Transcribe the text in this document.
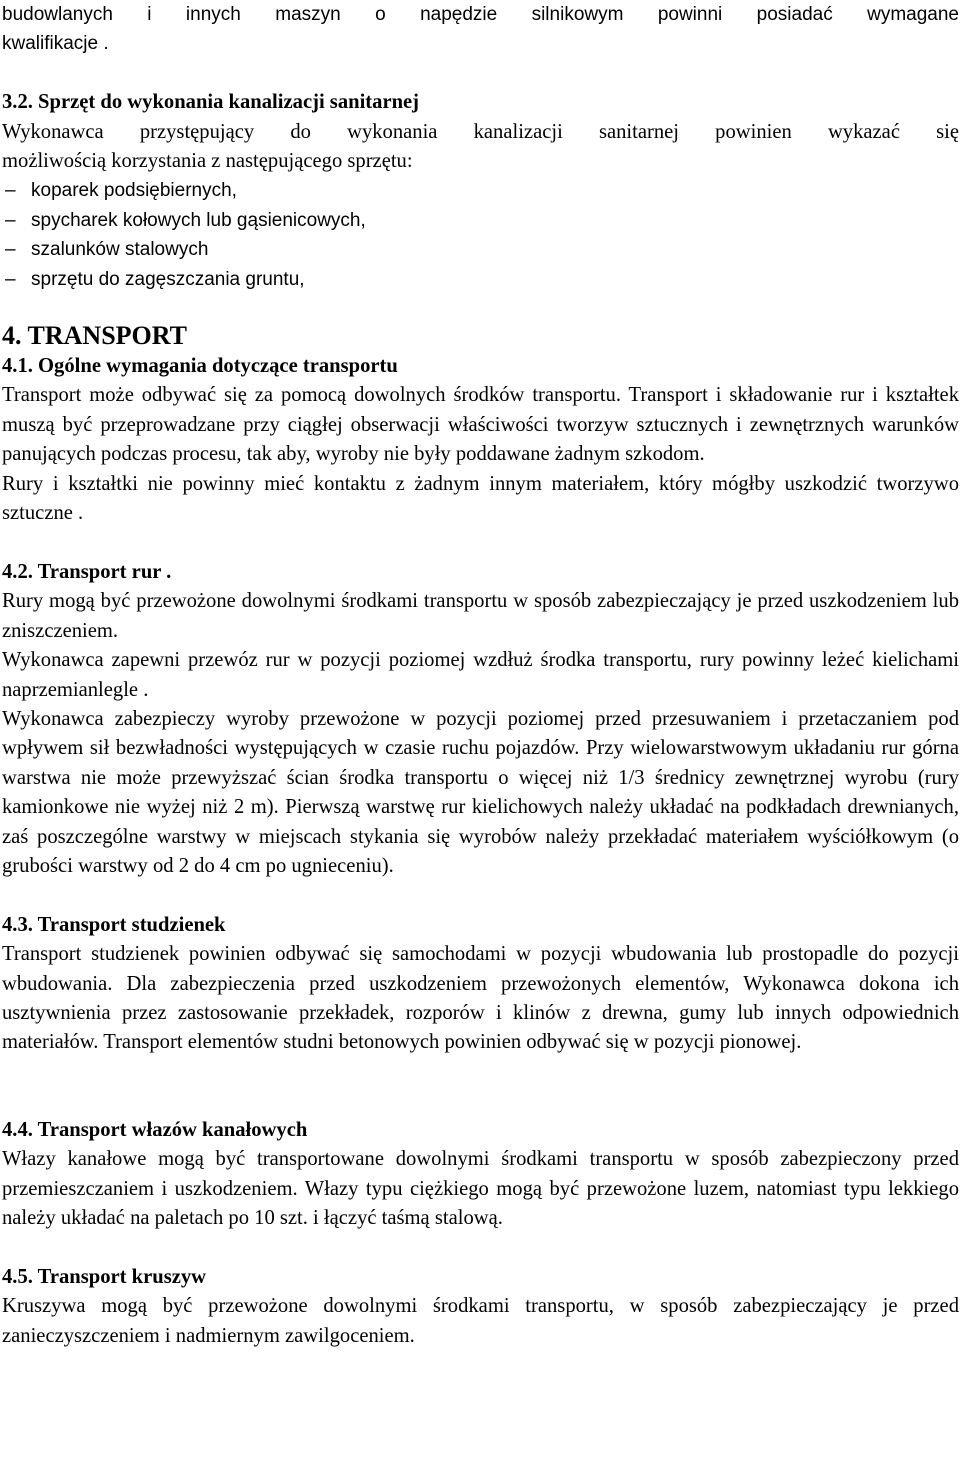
budowlanych i innych maszyn o napędzie silnikowym powinni posiadać wymagane

kwalifikacje .

3.2. Sprzęt do wykonania kanalizacji sanitarnej

Wykonawca przystępujący do wykonania kanalizacji sanitarnej powinien wykazać się

możliwością korzystania z następującego sprzętu:

– koparek podsiębiernych,
– spycharek kołowych lub gąsienicowych,
– szalunków stalowych
– sprzętu do zagęszczania gruntu,

4. TRANSPORT

4.1. Ogólne wymagania dotyczące transportu

Transport może odbywać się za pomocą dowolnych środków transportu. Transport i składowanie rur i kształtek muszą być przeprowadzane przy ciągłej obserwacji właściwości tworzyw sztucznych i zewnętrznych warunków panujących podczas procesu, tak aby, wyroby nie były poddawane żadnym szkodom.

Rury i kształtki nie powinny mieć kontaktu z żadnym innym materiałem, który mógłby uszkodzić tworzywo sztuczne .

4.2. Transport rur .

Rury mogą być przewożone dowolnymi środkami transportu w sposób zabezpieczający je przed uszkodzeniem lub zniszczeniem.

Wykonawca zapewni przewóz rur w pozycji poziomej wzdłuż środka transportu, rury powinny leżeć kielichami naprzemianlegle .

Wykonawca zabezpieczy wyroby przewożone w pozycji poziomej przed przesuwaniem i przetaczaniem pod wpływem sił bezwładności występujących w czasie ruchu pojazdów. Przy wielowarstwowym układaniu rur górna warstwa nie może przewyższać ścian środka transportu o więcej niż 1/3 średnicy zewnętrznej wyrobu (rury kamionkowe nie wyżej niż 2 m). Pierwszą warstwę rur kielichowych należy układać na podkładach drewnianych, zaś poszczególne warstwy w miejscach stykania się wyrobów należy przekładać materiałem wyściółkowym (o grubości warstwy od 2 do 4 cm po ugnieceniu).

4.3. Transport studzienek

Transport studzienek powinien odbywać się samochodami w pozycji wbudowania lub prostopadle do pozycji wbudowania. Dla zabezpieczenia przed uszkodzeniem przewożonych elementów, Wykonawca dokona ich usztywnienia przez zastosowanie przekładek, rozporów i klinów z drewna, gumy lub innych odpowiednich materiałów. Transport elementów studni betonowych powinien odbywać się w pozycji pionowej.

4.4. Transport włazów kanałowych

Włazy kanałowe mogą być transportowane dowolnymi środkami transportu w sposób zabezpieczony przed przemieszczaniem i uszkodzeniem. Włazy typu ciężkiego mogą być przewożone luzem, natomiast typu lekkiego należy układać na paletach po 10 szt. i łączyć taśmą stalową.

4.5. Transport kruszyw

Kruszywa mogą być przewożone dowolnymi środkami transportu, w sposób zabezpieczający je przed zanieczyszczeniem i nadmiernym zawilgoceniem.
